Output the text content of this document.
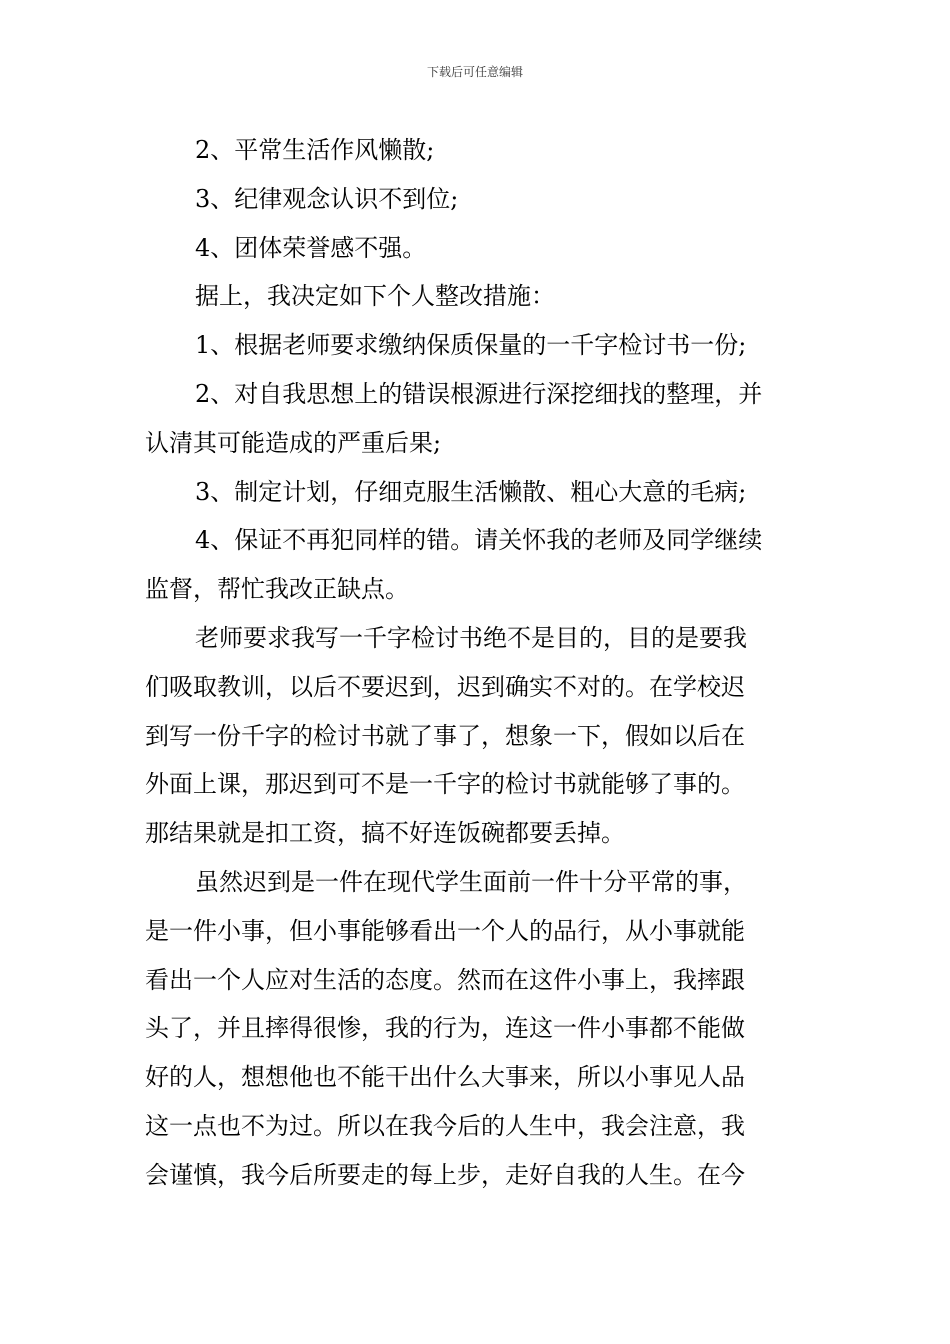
下载后可任意编辑

2、平常生活作风懒散;

3、纪律观念认识不到位;

4、团体荣誉感不强。

据上，我决定如下个人整改措施：

1、根据老师要求缴纳保质保量的一千字检讨书一份;

2、对自我思想上的错误根源进行深挖细找的整理，并

认清其可能造成的严重后果;

3、制定计划，仔细克服生活懒散、粗心大意的毛病;

4、保证不再犯同样的错。请关怀我的老师及同学继续

监督，帮忙我改正缺点。

老师要求我写一千字检讨书绝不是目的，目的是要我

们吸取教训，以后不要迟到，迟到确实不对的。在学校迟

到写一份千字的检讨书就了事了，想象一下，假如以后在

外面上课，那迟到可不是一千字的检讨书就能够了事的。

那结果就是扣工资，搞不好连饭碗都要丢掉。

虽然迟到是一件在现代学生面前一件十分平常的事，

是一件小事，但小事能够看出一个人的品行，从小事就能

看出一个人应对生活的态度。然而在这件小事上，我摔跟

头了，并且摔得很惨，我的行为，连这一件小事都不能做

好的人，想想他也不能干出什么大事来，所以小事见人品

这一点也不为过。所以在我今后的人生中，我会注意，我

会谨慎，我今后所要走的每上步，走好自我的人生。在今
